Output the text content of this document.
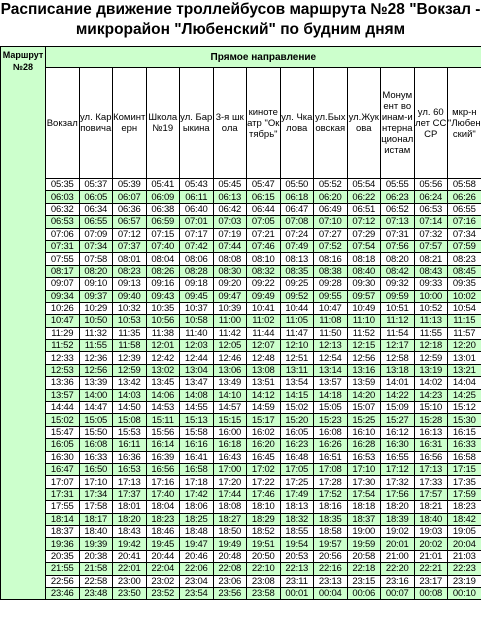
Расписание движение троллейбусов маршрута №28 "Вокзал - микрорайон "Любенский" по будним дням
Маршрут №28	Прямое направление												
	Вокзал	ул. Карповича	Коминтерн	Школа №19	ул. Барыкина	3-я школа	кинотеатр "Октябрь"	ул. Чкалова	ул.Быховская	ул.Жукова	Монумент воинам-интернационалистам	ул. 60 лет СССР	мкр-н "Любенский"
	05:35	05:37	05:39	05:41	05:43	05:45	05:47	05:50	05:52	05:54	05:55	05:56	05:58
	06:03	06:05	06:07	06:09	06:11	06:13	06:15	06:18	06:20	06:22	06:23	06:24	06:26
	06:32	06:34	06:36	06:38	06:40	06:42	06:44	06:47	06:49	06:51	06:52	06:53	06:55
	06:53	06:55	06:57	06:59	07:01	07:03	07:05	07:08	07:10	07:12	07:13	07:14	07:16
	07:06	07:09	07:12	07:15	07:17	07:19	07:21	07:24	07:27	07:29	07:31	07:32	07:34
	07:31	07:34	07:37	07:40	07:42	07:44	07:46	07:49	07:52	07:54	07:56	07:57	07:59
	07:55	07:58	08:01	08:04	08:06	08:08	08:10	08:13	08:16	08:18	08:20	08:21	08:23
	08:17	08:20	08:23	08:26	08:28	08:30	08:32	08:35	08:38	08:40	08:42	08:43	08:45
	09:07	09:10	09:13	09:16	09:18	09:20	09:22	09:25	09:28	09:30	09:32	09:33	09:35
	09:34	09:37	09:40	09:43	09:45	09:47	09:49	09:52	09:55	09:57	09:59	10:00	10:02
	10:26	10:29	10:32	10:35	10:37	10:39	10:41	10:44	10:47	10:49	10:51	10:52	10:54
	10:47	10:50	10:53	10:56	10:58	11:00	11:02	11:05	11:08	11:10	11:12	11:13	11:15
	11:29	11:32	11:35	11:38	11:40	11:42	11:44	11:47	11:50	11:52	11:54	11:55	11:57
	11:52	11:55	11:58	12:01	12:03	12:05	12:07	12:10	12:13	12:15	12:17	12:18	12:20
	12:33	12:36	12:39	12:42	12:44	12:46	12:48	12:51	12:54	12:56	12:58	12:59	13:01
	12:53	12:56	12:59	13:02	13:04	13:06	13:08	13:11	13:14	13:16	13:18	13:19	13:21
	13:36	13:39	13:42	13:45	13:47	13:49	13:51	13:54	13:57	13:59	14:01	14:02	14:04
	13:57	14:00	14:03	14:06	14:08	14:10	14:12	14:15	14:18	14:20	14:22	14:23	14:25
	14:44	14:47	14:50	14:53	14:55	14:57	14:59	15:02	15:05	15:07	15:09	15:10	15:12
	15:02	15:05	15:08	15:11	15:13	15:15	15:17	15:20	15:23	15:25	15:27	15:28	15:30
	15:47	15:50	15:53	15:56	15:58	16:00	16:02	16:05	16:08	16:10	16:12	16:13	16:15
	16:05	16:08	16:11	16:14	16:16	16:18	16:20	16:23	16:26	16:28	16:30	16:31	16:33
	16:30	16:33	16:36	16:39	16:41	16:43	16:45	16:48	16:51	16:53	16:55	16:56	16:58
	16:47	16:50	16:53	16:56	16:58	17:00	17:02	17:05	17:08	17:10	17:12	17:13	17:15
	17:07	17:10	17:13	17:16	17:18	17:20	17:22	17:25	17:28	17:30	17:32	17:33	17:35
	17:31	17:34	17:37	17:40	17:42	17:44	17:46	17:49	17:52	17:54	17:56	17:57	17:59
	17:55	17:58	18:01	18:04	18:06	18:08	18:10	18:13	18:16	18:18	18:20	18:21	18:23
	18:14	18:17	18:20	18:23	18:25	18:27	18:29	18:32	18:35	18:37	18:39	18:40	18:42
	18:37	18:40	18:43	18:46	18:48	18:50	18:52	18:55	18:58	19:00	19:02	19:03	19:05
	19:36	19:39	19:42	19:45	19:47	19:49	19:51	19:54	19:57	19:59	20:01	20:02	20:04
	20:35	20:38	20:41	20:44	20:46	20:48	20:50	20:53	20:56	20:58	21:00	21:01	21:03
	21:55	21:58	22:01	22:04	22:06	22:08	22:10	22:13	22:16	22:18	22:20	22:21	22:23
	22:56	22:58	23:00	23:02	23:04	23:06	23:08	23:11	23:13	23:15	23:16	23:17	23:19
	23:46	23:48	23:50	23:52	23:54	23:56	23:58	00:01	00:04	00:06	00:07	00:08	00:10
